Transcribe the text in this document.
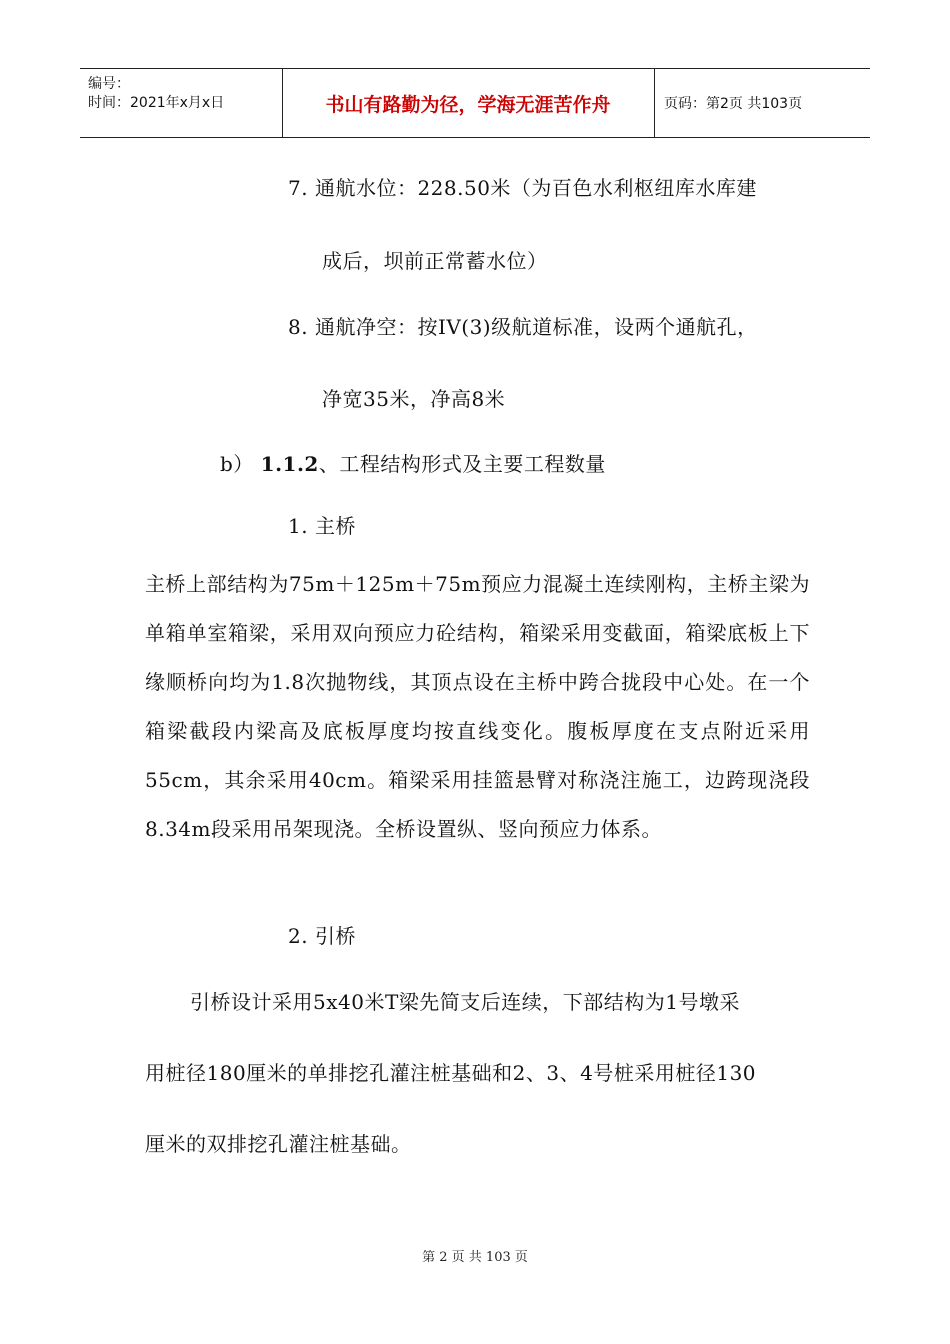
编号：
时间：2021年x月x日	书山有路勤为径，学海无涯苦作舟	页码：第2页 共103页
7. 通航水位：228.50米（为百色水利枢纽库水库建
成后，坝前正常蓄水位）
8. 通航净空：按IV(3)级航道标准，设两个通航孔，
净宽35米，净高8米
b） 1.1.2、工程结构形式及主要工程数量
1. 主桥
主桥上部结构为75m＋125m＋75m预应力混凝土连续刚构，主桥主梁为单箱单室箱梁，采用双向预应力砼结构，箱梁采用变截面，箱梁底板上下缘顺桥向均为1.8次抛物线，其顶点设在主桥中跨合拢段中心处。在一个箱梁截段内梁高及底板厚度均按直线变化。腹板厚度在支点附近采用55cm，其余采用40cm。箱梁采用挂篮悬臂对称浇注施工，边跨现浇段8.34m段采用吊架现浇。全桥设置纵、竖向预应力体系。
2. 引桥
引桥设计采用5x40米T梁先简支后连续，下部结构为1号墩采
用桩径180厘米的单排挖孔灌注桩基础和2、3、4号桩采用桩径130
厘米的双排挖孔灌注桩基础。
第 2 页 共 103 页
